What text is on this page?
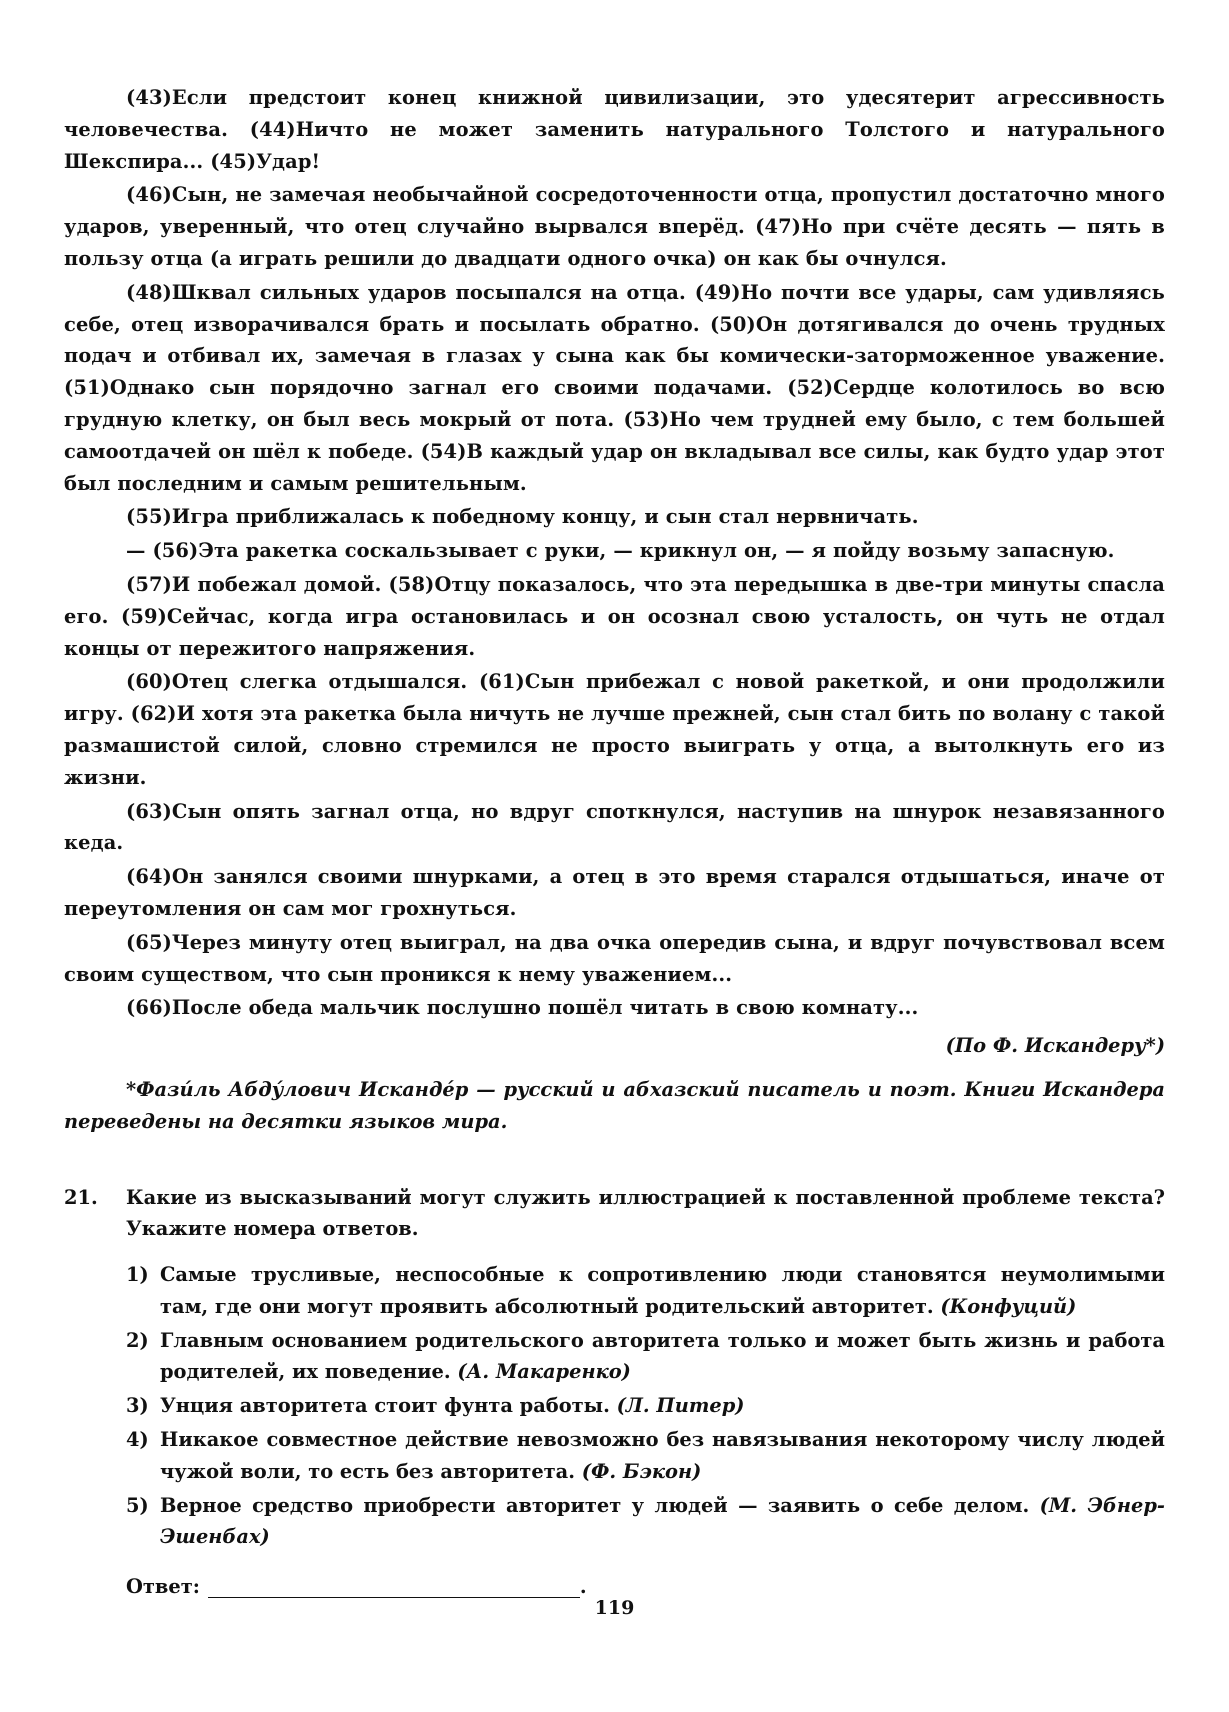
(43)Если предстоит конец книжной цивилизации, это удесятерит агрессивность человечества. (44)Ничто не может заменить натурального Толстого и натурального Шекспира... (45)Удар!

(46)Сын, не замечая необычайной сосредоточенности отца, пропустил достаточно много ударов, уверенный, что отец случайно вырвался вперёд. (47)Но при счёте десять — пять в пользу отца (а играть решили до двадцати одного очка) он как бы очнулся.

(48)Шквал сильных ударов посыпался на отца. (49)Но почти все удары, сам удивляясь себе, отец изворачивался брать и посылать обратно. (50)Он дотягивался до очень трудных подач и отбивал их, замечая в глазах у сына как бы комически-заторможенное уважение. (51)Однако сын порядочно загнал его своими подачами. (52)Сердце колотилось во всю грудную клетку, он был весь мокрый от пота. (53)Но чем трудней ему было, с тем большей самоотдачей он шёл к победе. (54)В каждый удар он вкладывал все силы, как будто удар этот был последним и самым решительным.

(55)Игра приближалась к победному концу, и сын стал нервничать.

— (56)Эта ракетка соскальзывает с руки, — крикнул он, — я пойду возьму запасную.

(57)И побежал домой. (58)Отцу показалось, что эта передышка в две-три минуты спасла его. (59)Сейчас, когда игра остановилась и он осознал свою усталость, он чуть не отдал концы от пережитого напряжения.

(60)Отец слегка отдышался. (61)Сын прибежал с новой ракеткой, и они продолжили игру. (62)И хотя эта ракетка была ничуть не лучше прежней, сын стал бить по волану с такой размашистой силой, словно стремился не просто выиграть у отца, а вытолкнуть его из жизни.

(63)Сын опять загнал отца, но вдруг споткнулся, наступив на шнурок незавязанного кеда.

(64)Он занялся своими шнурками, а отец в это время старался отдышаться, иначе от переутомления он сам мог грохнуться.

(65)Через минуту отец выиграл, на два очка опередив сына, и вдруг почувствовал всем своим существом, что сын проникся к нему уважением...

(66)После обеда мальчик послушно пошёл читать в свою комнату...

(По Ф. Искандеру*)
*Фази́ль Абду́лович Искандéр — русский и абхазский писатель и поэт. Книги Искандера переведены на десятки языков мира.
21.	Какие из высказываний могут служить иллюстрацией к поставленной проблеме текста? Укажите номера ответов.
1) Самые трусливые, неспособные к сопротивлению люди становятся неумолимыми там, где они могут проявить абсолютный родительский авторитет. (Конфуций)
2) Главным основанием родительского авторитета только и может быть жизнь и работа родителей, их поведение. (А. Макаренко)
3) Унция авторитета стоит фунта работы. (Л. Питер)
4) Никакое совместное действие невозможно без навязывания некоторому числу людей чужой воли, то есть без авторитета. (Ф. Бэкон)
5) Верное средство приобрести авторитет у людей — заявить о себе делом. (М. Эбнер-Эшенбах)
Ответ:	.
119
